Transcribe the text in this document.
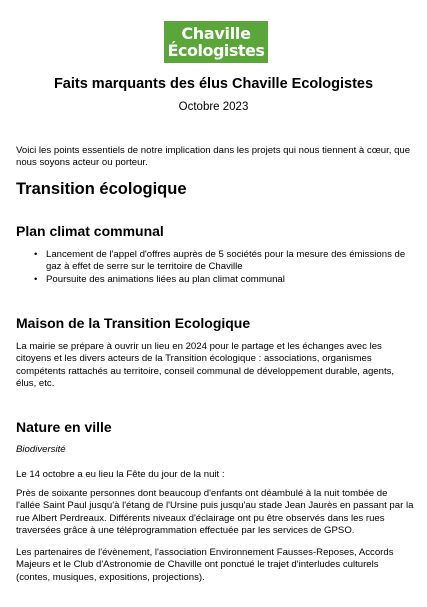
Chaville
Écologistes
Faits marquants des élus Chaville Ecologistes
Octobre 2023

Voici les points essentiels de notre implication dans les projets qui nous tiennent à cœur, que nous soyons acteur ou porteur.

Transition écologique
Plan climat communal
• Lancement de l'appel d'offres auprès de 5 sociétés pour la mesure des émissions de gaz à effet de serre sur le territoire de Chaville
• Poursuite des animations liées au plan climat communal
Maison de la Transition Ecologique

La mairie se prépare à ouvrir un lieu en 2024 pour le partage et les échanges avec les citoyens et les divers acteurs de la Transition écologique : associations, organismes compétents rattachés au territoire, conseil communal de développement durable, agents, élus, etc.

Nature en ville

Biodiversité

Le 14 octobre a eu lieu la Fête du jour de la nuit :

Près de soixante personnes dont beaucoup d'enfants ont déambulé à la nuit tombée de l'allée Saint Paul jusqu'à l'étang de l'Ursine puis jusqu'au stade Jean Jaurès en passant par la rue Albert Perdreaux. Différents niveaux d'éclairage ont pu être observés dans les rues traversées grâce à une téléprogrammation effectuée par les services de GPSO.

Les partenaires de l'évènement, l'association Environnement Fausses-Reposes, Accords Majeurs et le Club d'Astronomie de Chaville ont ponctué le trajet d'interludes culturels (contes, musiques, expositions, projections).
